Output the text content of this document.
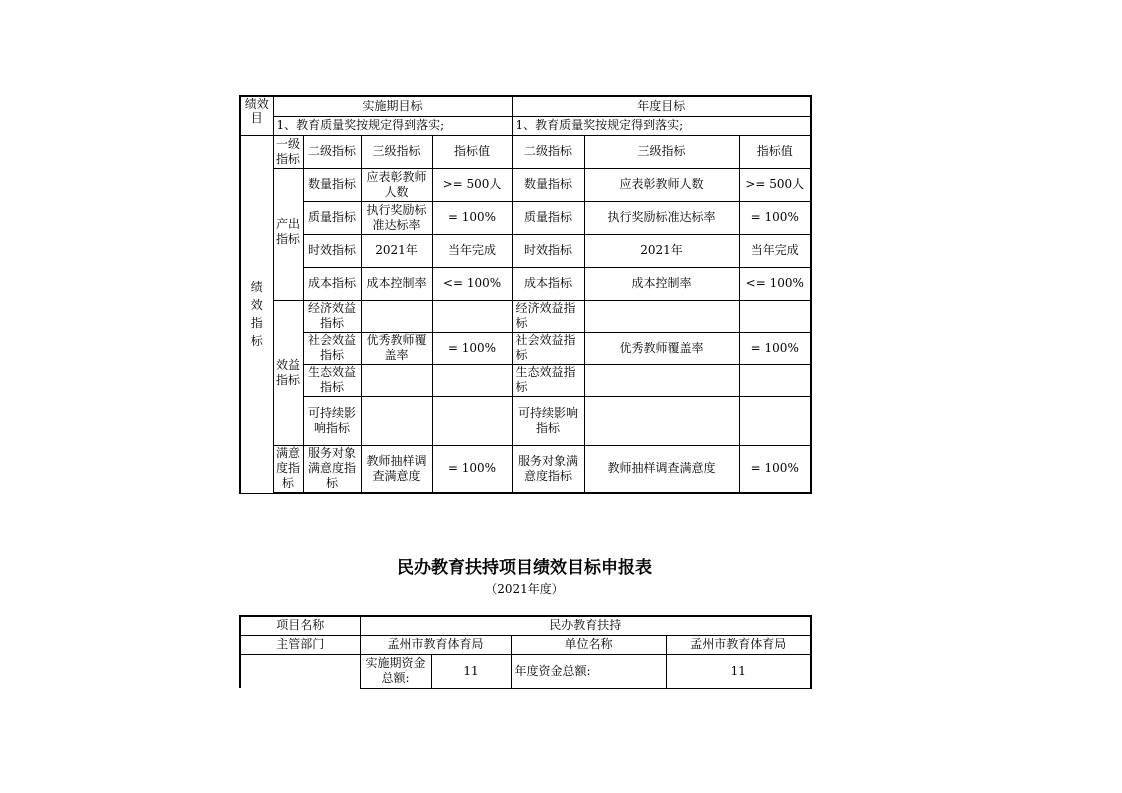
绩效目	实施期目标				年度目标		
	1、教育质量奖按规定得到落实;				1、教育质量奖按规定得到落实;		
绩
效
指
标	一级指标	二级指标	三级指标	指标值	二级指标	三级指标	指标值
	产出指标	数量指标	应表彰教师人数	>= 500人	数量指标	应表彰教师人数	>= 500人
		质量指标	执行奖励标准达标率	= 100%	质量指标	执行奖励标准达标率	= 100%
		时效指标	2021年	当年完成	时效指标	2021年	当年完成
		成本指标	成本控制率	<= 100%	成本指标	成本控制率	<= 100%
	效益指标	经济效益指标			经济效益指标		
		社会效益指标	优秀教师覆盖率	= 100%	社会效益指标	优秀教师覆盖率	= 100%
		生态效益指标			生态效益指标		
		可持续影响指标			可持续影响指标		
	满意度指标	服务对象满意度指标	教师抽样调查满意度	= 100%	服务对象满意度指标	教师抽样调查满意度	= 100%
民办教育扶持项目绩效目标申报表
（2021年度）
项目名称	民办教育扶持			
主管部门	孟州市教育体育局		单位名称	孟州市教育体育局
	实施期资金总额:	11	年度资金总额:	11
